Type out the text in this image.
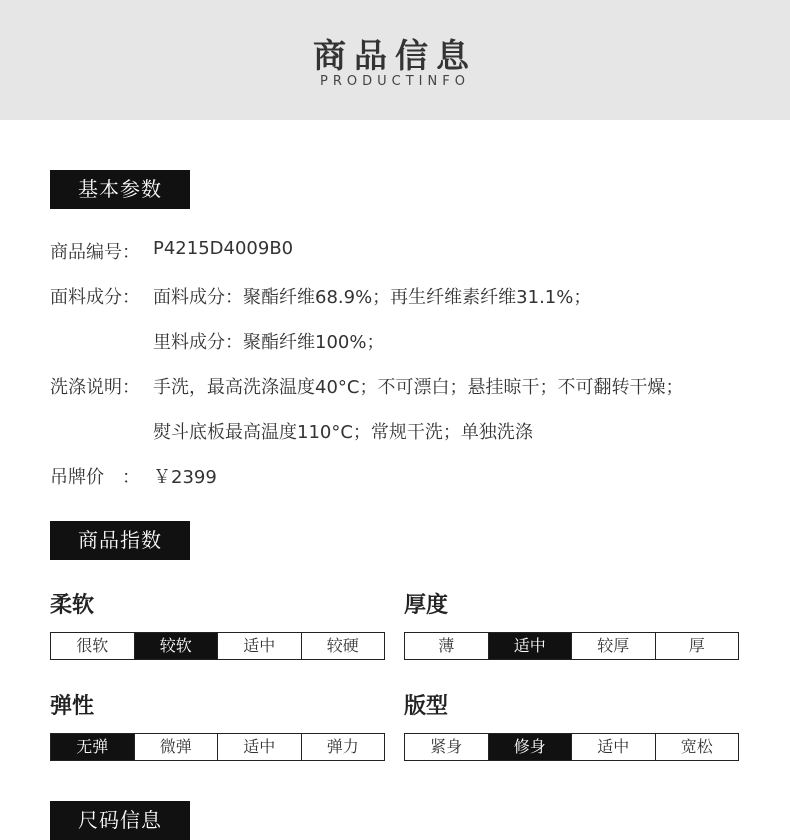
商品信息
PRODUCTINFO
基本参数
商品编号： P4215D4009B0
面料成分： 面料成分：聚酯纤维68.9%；再生纤维素纤维31.1%；
里料成分：聚酯纤维100%；
洗涤说明： 手洗，最高洗涤温度40°C；不可漂白；悬挂晾干；不可翻转干燥；
熨斗底板最高温度110°C；常规干洗；单独洗涤
吊牌价　： ￥2399
商品指数
柔软
很软	较软	适中	较硬
厚度
薄	适中	较厚	厚
弹性
无弹	微弹	适中	弹力
版型
紧身	修身	适中	宽松
尺码信息
